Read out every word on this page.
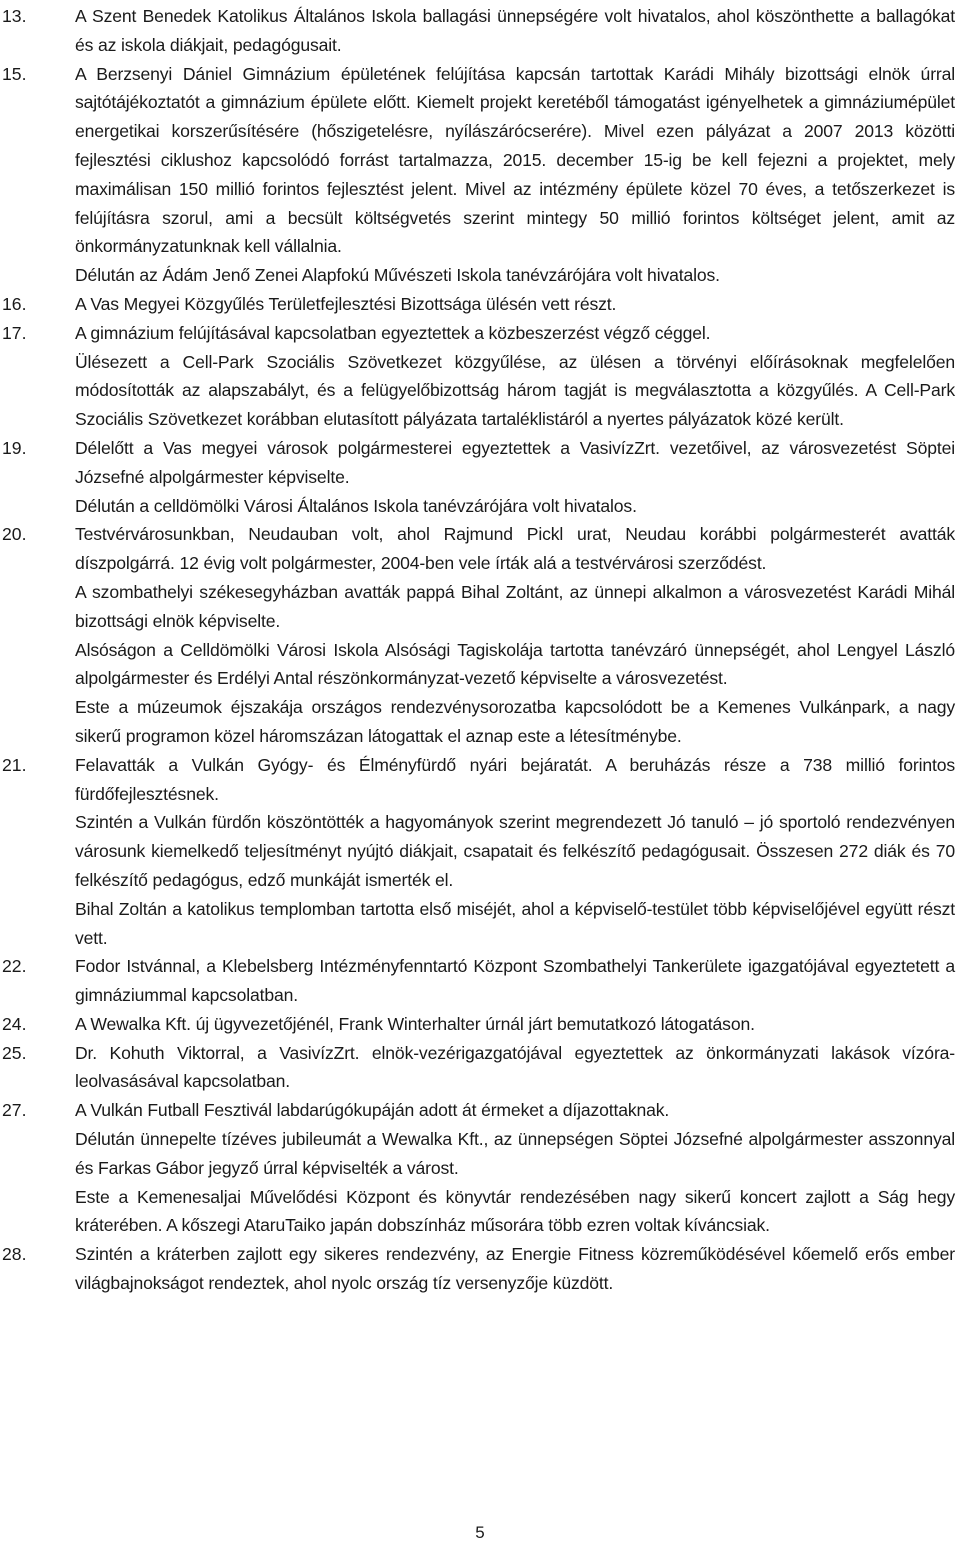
13.	A Szent Benedek Katolikus Általános Iskola ballagási ünnepségére volt hivatalos, ahol köszönthette a ballagókat és az iskola diákjait, pedagógusait.

15.	A Berzsenyi Dániel Gimnázium épületének felújítása kapcsán tartottak Karádi Mihály bizottsági elnök úrral sajtótájékoztatót a gimnázium épülete előtt. Kiemelt projekt keretéből támogatást igényelhetek a gimnáziumépület energetikai korszerűsítésére (hőszigetelésre, nyílászárócserére). Mivel ezen pályázat a 2007 2013 közötti fejlesztési ciklushoz kapcsolódó forrást tartalmazza, 2015. december 15-ig be kell fejezni a projektet, mely maximálisan 150 millió forintos fejlesztést jelent. Mivel az intézmény épülete közel 70 éves, a tetőszerkezet is felújításra szorul, ami a becsült költségvetés szerint mintegy 50 millió forintos költséget jelent, amit az önkormányzatunknak kell vállalnia.

Délután az Ádám Jenő Zenei Alapfokú Művészeti Iskola tanévzárójára volt hivatalos.

16.	A Vas Megyei Közgyűlés Területfejlesztési Bizottsága ülésén vett részt.

17.	A gimnázium felújításával kapcsolatban egyeztettek a közbeszerzést végző céggel.

Ülésezett a Cell-Park Szociális Szövetkezet közgyűlése, az ülésen a törvényi előírásoknak megfelelően módosították az alapszabályt, és a felügyelőbizottság három tagját is megválasztotta a közgyűlés. A Cell-Park Szociális Szövetkezet korábban elutasított pályázata tartaléklistáról a nyertes pályázatok közé került.

19.	Délelőtt a Vas megyei városok polgármesterei egyeztettek a VasivízZrt. vezetőivel, az városvezetést Söptei Józsefné alpolgármester képviselte.

Délután a celldömölki Városi Általános Iskola tanévzárójára volt hivatalos.

20.	Testvérvárosunkban, Neudauban volt, ahol Rajmund Pickl urat, Neudau korábbi polgármesterét avatták díszpolgárrá. 12 évig volt polgármester, 2004-ben vele írták alá a testvérvárosi szerződést.

A szombathelyi székesegyházban avatták pappá Bihal Zoltánt, az ünnepi alkalmon a városvezetést Karádi Mihál bizottsági elnök képviselte.

Alsóságon a Celldömölki Városi Iskola Alsósági Tagiskolája tartotta tanévzáró ünnepségét, ahol Lengyel László alpolgármester és Erdélyi Antal részönkormányzat-vezető képviselte a városvezetést.

Este a múzeumok éjszakája országos rendezvénysorozatba kapcsolódott be a Kemenes Vulkánpark, a nagy sikerű programon közel háromszázan látogattak el aznap este a létesítménybe.

21.	Felavatták a Vulkán Gyógy- és Élményfürdő nyári bejáratát. A beruházás része a 738 millió forintos fürdőfejlesztésnek.

Szintén a Vulkán fürdőn köszöntötték a hagyományok szerint megrendezett Jó tanuló – jó sportoló rendezvényen városunk kiemelkedő teljesítményt nyújtó diákjait, csapatait és felkészítő pedagógusait. Összesen 272 diák és 70 felkészítő pedagógus, edző munkáját ismerték el.

Bihal Zoltán a katolikus templomban tartotta első miséjét, ahol a képviselő-testület több képviselőjével együtt részt vett.

22.	Fodor Istvánnal, a Klebelsberg Intézményfenntartó Központ Szombathelyi Tankerülete igazgatójával egyeztetett a gimnáziummal kapcsolatban.

24.	A Wewalka Kft. új ügyvezetőjénél, Frank Winterhalter úrnál járt bemutatkozó látogatáson.

25.	Dr. Kohuth Viktorral, a VasivízZrt. elnök-vezérigazgatójával egyeztettek az önkormányzati lakások vízóra-leolvasásával kapcsolatban.

27.	A Vulkán Futball Fesztivál labdarúgókupáján adott át érmeket a díjazottaknak.

Délután ünnepelte tízéves jubileumát a Wewalka Kft., az ünnepségen Söptei Józsefné alpolgármester asszonnyal és Farkas Gábor jegyző úrral képviselték a várost.

Este a Kemenesaljai Művelődési Központ és könyvtár rendezésében nagy sikerű koncert zajlott a Ság hegy kráterében. A kőszegi AtaruTaiko japán dobszínház műsorára több ezren voltak kíváncsiak.

28.	Szintén a kráterben zajlott egy sikeres rendezvény, az Energie Fitness közreműködésével kőemelő erős ember világbajnokságot rendeztek, ahol nyolc ország tíz versenyzője küzdött.

5
